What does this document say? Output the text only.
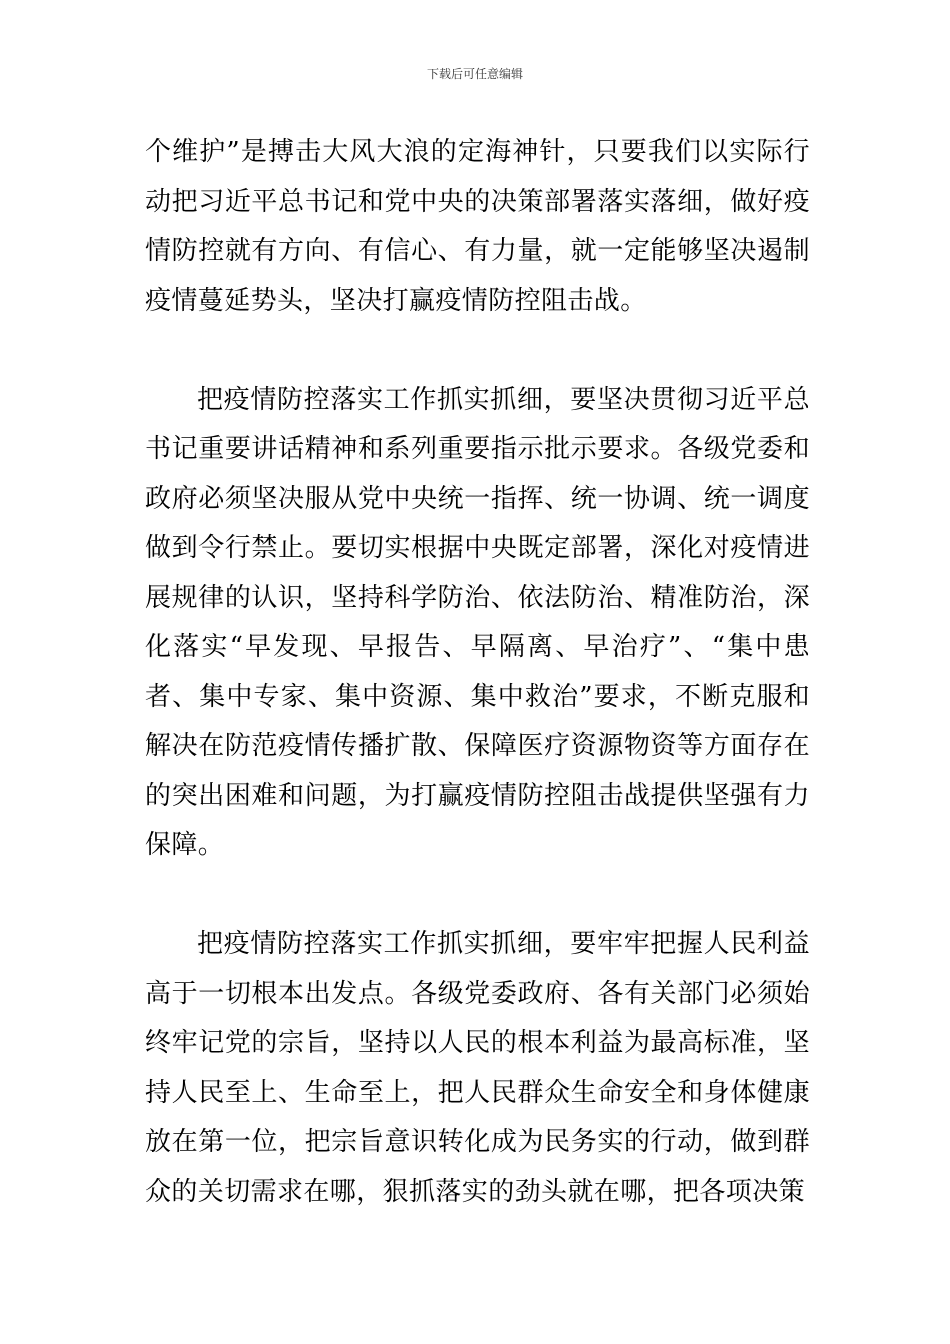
下载后可任意编辑

个维护”是搏击大风大浪的定海神针，只要我们以实际行动把习近平总书记和党中央的决策部署落实落细，做好疫情防控就有方向、有信心、有力量，就一定能够坚决遏制疫情蔓延势头，坚决打赢疫情防控阻击战。

把疫情防控落实工作抓实抓细，要坚决贯彻习近平总书记重要讲话精神和系列重要指示批示要求。各级党委和政府必须坚决服从党中央统一指挥、统一协调、统一调度做到令行禁止。要切实根据中央既定部署，深化对疫情进展规律的认识，坚持科学防治、依法防治、精准防治，深化落实“早发现、早报告、早隔离、早治疗”、“集中患者、集中专家、集中资源、集中救治”要求，不断克服和解决在防范疫情传播扩散、保障医疗资源物资等方面存在的突出困难和问题，为打赢疫情防控阻击战提供坚强有力保障。

把疫情防控落实工作抓实抓细，要牢牢把握人民利益高于一切根本出发点。各级党委政府、各有关部门必须始终牢记党的宗旨，坚持以人民的根本利益为最高标准，坚持人民至上、生命至上，把人民群众生命安全和身体健康放在第一位，把宗旨意识转化成为民务实的行动，做到群众的关切需求在哪，狠抓落实的劲头就在哪，把各项决策
